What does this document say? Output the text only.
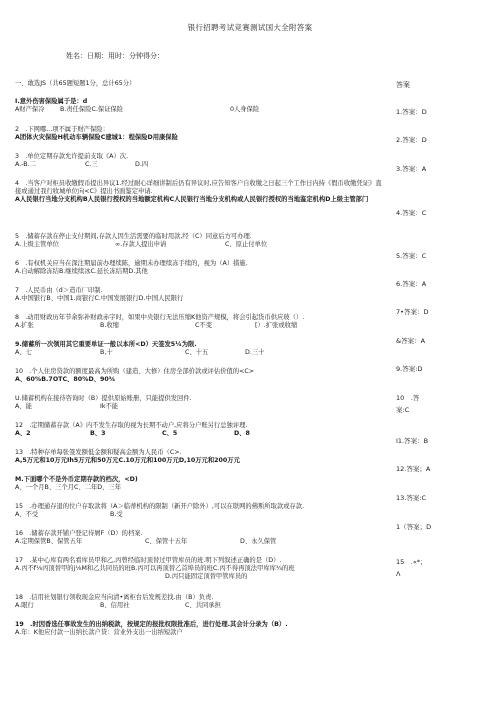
银行招聘考试竞赛测试国大全附答案
姓名：日期：用时：分钟得分：
一、敢选JS（共65题短题1分，总计65分）	答案
I.意外伤害保险属于是：d
A财产保冷	B.责任保险C.保证保险	0人身保险
2　.下网哪...项不属于财产保险：
A团体火灾保险H机动车辆保险C建城1：程保险D用康保险
3　.单位定期存款允许提前支取《A）次.
A.-B.二	C.三	D.四
4　.当客户对柜员收缴假币提出异议1.经过耐心详细讲制后仍有异议时,应告知客户自收缴之日起三个工作日内持《假币收缴凭证》直接或通过我行收城单位向<C》提出书面鉴定申请.
A人民银行当地分支机构B人民银行授权的当地额定机构C人民银行当地分支机构或人民银行授权的当地鉴定机构D上级主管部门
5　.储蓄存款在停止支付期间,存款人因生活需要的临时用款,经（C）同意后方可办理.
A.上级主管单位	∞.存款人提出申请	C、原止付单位
6　.有权机关应当在深注期届前办理续陈，逾期未办理续冻手续的，视为（A）措施.
A.自动解除冻结B.继续续冰C.延长冻结期D.其他
7　.人民币由（d＞造币厂印制.
A.中国银行B、中国1.商银行C.中国发展银行D.中国人民限行
8　.动用财政历年节余弥补财政赤字时，如果中央银行无法压缩K他资产规模，将会引起货币供应玻（）.
A.扩张	B.收缩	C不变	[）.扩张或收缩
9.储蓄所一次领用其它重要单证一般以本所<D）天签发5¼为限.
A、七	B,十	C、十五	D.三十
10　.个人住房贷款的额度最高为所购（建造、大修）住房全部价款或评估价值的<C>
A、60%B.7OTC、80%D、90¾
U.储蓄机构在接待咨询时（B）提供原始账册，只能提供发回件.
A、能	Ik不能
12　.定期储蓄存款（A》内不发生存取的视为长期不动户,应将分户账另行总独评理.
A、2	B、3	C、5	D、8
13　.特种存单每张签发额低金额和疑高金额为人民币（C>.
A,5万元和10万元Ih5万元和50万元C.10万元和100万元D,10万元和200万元
M.下面哪个不是外币定期存款的档次，<D)
A、一个月B、三个月C、二年D、三年
15　.办理通存退的位户存取款将（A＞临蒂机构的限制（新开户除外）,可以在联网的佛斯所取款或存款.
A、不受	B.受
16　.储蓄存款开铺户登记待屑F（D）的档案.
A.定期保管B、保管五年	C、保管十五年	D、永久保管
17　.某中心库有两名看库员甲和乙,丙曾经临时顶替过甲管库员的班.明下列叙述正确的是（D）.
A.丙不f⅛丙顶替甲的j⅛M和乙共同员的班B.丙可以再顶替乙首埠员的班C.丙不得再顶法甲库库¾的班
D.丙只能固定顶替甲管库员的
18　.信用社划银行领收现金应当向清•离柜台后发规差找.由（B）负责.
A.眼行	B、信用社	C、共同承担
19　.时因香选任事故发生的出纳税款，按规定的报批权限批准后，进行处理.其会计分录为（B）.
A.年：K他应付款一出纳长款户贷：营业外支出一出纳短款户
1.答案：D
2.答案：D
3.答案：A
4.答案：C
5.答案：C
6.答案：A
7•答案：D
&答案：A
9.答案:D
10　.答
案:C
I1.答案：B
12.答案；A
13.答案:C
1（答案；D
15　.«*；
Λ
